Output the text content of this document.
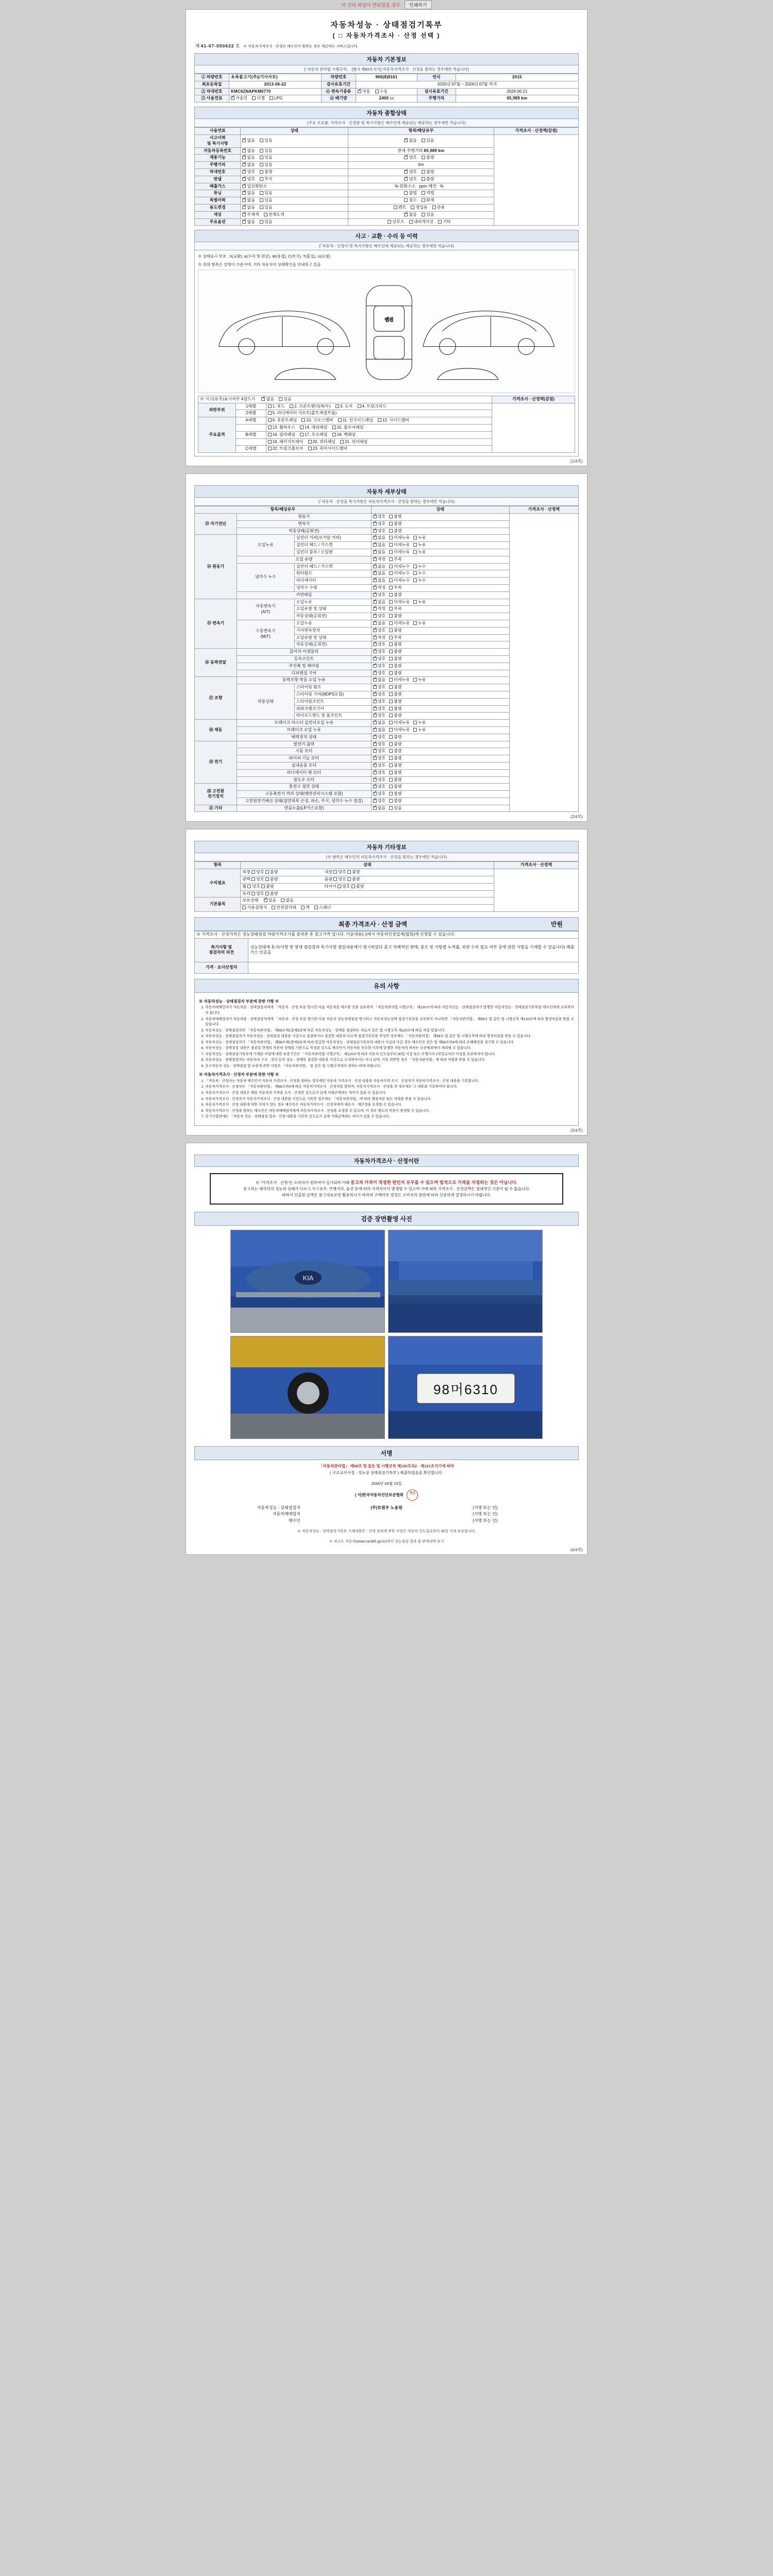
이 건의 파일이 안되었을 경우	인쇄하기
(1/4쪽)
자동차성능 · 상태점검기록부
( □ 자동차가격조사 · 산정 선택 )
제 41-07-050622 호 ※ 자동차가격조사 · 산정은 매수인이 원하는 경우 제공하는 서비스입니다.
자동차 기본정보
(「자동차 관리법 시행규칙」 [별지 제82호서식] 자동차가격조사 · 산정을 원하는 경우에만 적습니다)
① 차량번호	초록물고기(주)(기사사모)	차량번호	966(8)8161	연식	2015
최초등록일	2013-06-22	검사유효기간	2025년 07월 ~ 2026년 07월 까지		
③ 차대번호	KMC6ZNAPKM0770	④ 변속기종류	✓자동 수동	검사유효기간	2026.06.21
⑤ 사용연료	✓가솔린 디젤 LPG	⑥ 배기량	2400 cc	주행거리	65,989 km
자동차 종합상태
(주요 조요품, 가격조사 · 산정한 및 복기사항은 매수인에 제공되는 제공하는 경우에만 적습니다)
사용연료	상태	항목/해당유무	가격조사 · 산정액(감점)
사고이력
및 특기사항	✓없음 있음	✓없음 있음	
자동차등록번호	✓없음 있음	현재 주행거리 65,989 km	
계통기능	✓없음 있음	✓양호 불량
주행거리	✓없음 있음	km	
차대번호	✓양호 불량	✓양호 불량
판넬	✓양호 부식	✓양호 불량
배출가스	✓일산화탄소	% 탄화수소 ppm 매연 %	
튜닝	✓없음 있음	불법 적법	
특별이력	✓없음 있음	침수 화재	
용도변경	✓없음 있음	렌트 영업용 관용	
색상	✓무채색 전체도색	✓없음 있음
주요옵션	✓없음 있음	선루프 내비게이션 기타	
사고 · 교환 · 수리 등 이력
(「자동차 · 산정이 및 특기사항은 매수인에 제공되는 제공하는 경우에만 적습니다)
※ 상태표시 부호 : X(교환), A(수리 및 판금), W(용접), C(부식), T(흠집), U(요철)
※ 위의 항목은 설명이 기준이며, 기타 자동차의 상태확인을 안내하고 있음
엔진
※ 사고(유무)표시여부 4점드시 ✓ 없음 있음			가격조사 · 산정액(감점)
외판부위	1레벨	1. 후드 2. 프론트펜더(좌/우) 3. 도어 4. 트렁크리드	
	2레벨	5. 라디에이터 서포트(볼트체결부품)	
주요골격	A레벨	9. 후론트패널 10. 크로스멤버 11. 인사이드패널 12. 사이드멤버	
		13. 휠하우스 14. 대쉬패널 15. 플로어패널	
	B레벨	16. 필라패널 17. 루프패널 18. 백패널	
		19. 패키지트레이 20. 쿼터패널 21. 리어패널	
	C레벨	22. 트렁크플로어 23. 리어사이드멤버	
(2/4쪽)
자동차 세부상태
(「자동차 · 산정을 특기사항은 자동차가격조사 · 산정을 원하는 경우에만 적습니다)
항목/해당유무			상태	가격조사 · 산정액
⑬ 자기진단	원동기	✓양호 불량	
	변속기	✓양호 불량
	작동상태(공회전)	✓양호 불량
⑭ 원동기	오일누유	실린더 커버(로커암 커버)	✓없음 미세누유 누유
		실린더 헤드 / 가스켓	✓없음 미세누유 누유
		실린더 블록 / 오일팬	✓없음 미세누유 누유
	오일 유량	✓적정 부족
	냉각수 누수	실린더 헤드 / 가스켓	✓없음 미세누수 누수
		워터펌프	✓없음 미세누수 누수
		라디에이터	✓없음 미세누수 누수
		냉각수 수량	✓적정 부족
	커먼레일	✓양호 불량
⑮ 변속기	자동변속기
(A/T)	오일누유	✓없음 미세누유 누유
		오일유량 및 상태	✓적정 부족
		작동상태(공회전)	✓양호 불량
	수동변속기
(M/T)	오일누유	✓없음 미세누유 누유
		기어변속장치	✓양호 불량
		오일유량 및 상태	✓적정 부족
		작동상태(공회전)	✓양호 불량
⑯ 동력전달	클러치 어셈블리	✓양호 불량
	등속조인트	✓양호 불량
	추진축 및 베어링	✓양호 불량
	디퍼렌셜 기어	✓양호 불량
⑰ 조향	동력조향 작동 오일 누유	✓없음 미세누유 누유
	작동상태	스티어링 펌프	✓양호 불량
		스티어링 기어(MDPS포함)	✓양호 불량
		스티어링조인트	✓양호 불량
		파워크랭크기어	✓양호 불량
		타이로드엔드 및 볼조인트	✓양호 불량
⑱ 제동	브레이크 마스터 실린더오일 누유	✓없음 미세누유 누유
	브레이크 오일 누유	✓없음 미세누유 누유
	배력장치 상태	✓양호 불량
⑲ 전기	발전기 출력	✓양호 불량
	시동 모터	✓양호 불량
	와이퍼 기능 모터	✓양호 불량
	실내송풍 모터	✓양호 불량
	라디에이터 팬 모터	✓양호 불량
	윈도우 모터	✓양호 불량
⑳ 고전원
전기장치	충전구 절연 상태	✓양호 불량
	구동축전지 격리 상태(매연관리시스템 포함)	✓양호 불량
	고전원전기배선 상태(접연피복 손상, 파손, 부식, 냉각수 누수 점검)	✓양호 불량
㉑ 기타	연료누출(LP가스포함)	✓없음 있음
(3/4쪽)
자동차 기타정보
(※ 항목은 매수인의 자동차가격조사 · 산정을 원하는 경우에만 적습니다)
항목	상태	가격조사 · 산정액
수리필요	외장 양호 불량 내장 양호 불량	
	광택 양호 불량 룸광 양호 불량	
	휠 양호 불량 타이어 양호 불량	
	유리 양호 불량	
기본품목	보유상태 ✓ 있음 없음
	사용설명서 안전삼각대 잭 스패너	
최종 가격조사 · 산정 금액	만원
※ 가격조사 · 산정가격은 성능상태점검 차량가격조사를 살펴본 후 참고가격 입니다. 기술내용(□)에서 자동차인정업체(협회)에 신청할 수 있습니다.	
특기사항 및
점검자의 의견	성능상태에 통지/사항 및 명세 점검결과 특기사항 점검내용에서 명시되었다 중고 차례적인 판매, 중조 및 사항별 누적률, 외관 수리 필요 여부 등에 관한 사항을 기재할 수 있습니다) 배출가스 인증을
가격 · 조사산정자	
유의 사항
※ 자동차성능 · 상태점검자 부분에 관한 사항 ※
1. 자동차매매업자가 자동차를 · 상태점검자에게 「자동차 · 산정 부분 명시한 다음 자동차를 매수할 것을 권유하여 「자동차관리법 시행규칙」 제120조에 따라 자동차성능 · 상태점검자가 발행한 자동차성능 · 상태점검기록부를 매수인에게 교부하여야 합니다.
2. 자동차매매업자가 자동차를 · 상태점검자에게 「자동차 · 산정 부분 명시한 다음 자동차 성능상태점검 명시하고 자동차성능상태 점검기록부를 교부하지 아니하면 「자동차관리법」 제58조 및 같은 법 시행규칙 제120조에 따라 행정처분을 받을 수 있습니다.
3. 자동차성능 · 상태점검자란 「자동차관리법」 제58조제1항제3호에 따른 자동차성능 · 상태를 점검하는 자로서 같은 법 시행규칙 제120조에 따른 자를 말합니다.
4. 자동차성능 · 상태점검자가 자동차성능 · 상태점검 내용을 거짓으로 점검하거나 점검한 내용과 다르게 점검기록부를 작성한 경우에는 「자동차관리법」 제58조 및 같은 법 시행규칙에 따라 행정처분을 받을 수 있습니다.
5. 자동차성능 · 상태점검자가 「자동차관리법」 제58조제1항제3호에 따라 발급한 자동차성능 · 상태점검기록부의 내용이 사실과 다른 경우 매수인은 같은 법 제58조의4에 따라 손해배상을 청구할 수 있습니다.
6. 자동차성능 · 상태점검 내용은 점검일 현재의 자동차 상태를 기준으로 작성된 것으로 매수인이 자동차를 인수한 이후에 발생한 자동차의 하자는 보증범위에서 제외될 수 있습니다.
7. 자동차성능 · 상태점검기록부에 기재된 사항에 대한 보증기간은 「자동차관리법 시행규칙」 제120조에 따라 자동차 인도일부터 30일 이상 또는 주행거리 2천킬로미터 이상을 보증하여야 합니다.
8. 자동차성능 · 상태점검자는 자동차의 구조 · 장치 등의 성능 · 상태를 점검한 내용을 거짓으로 고지하여서는 아니 되며, 이를 위반한 경우 「자동차관리법」에 따라 처벌을 받을 수 있습니다.
9. 중고자동차 성능 · 상태점검 및 보증에 관한 사항은 「자동차관리법」 및 같은 법 시행규칙에서 정하는 바에 따릅니다.
※ 자동차가격조사 · 산정자 부분에 관한 사항 ※
1. 「자동차 · 산정자는 자동차 매수인이 자동차 가격조사 · 산정을 원하는 경우에만 자동차 가격조사 · 산정 내용을 자동차가격 조사 · 산정자가 자동차가격조사 · 산정 내용을 기록합니다.
2. 자동차가격조사 · 산정자는 「자동차관리법」 제58조의4에 따른 자동차가격조사 · 산정자를 말하며, 자동차가격조사 · 산정을 한 경우에는 그 내용을 기록하여야 합니다.
3. 자동차가격조사 · 산정 내용은 해당 자동차의 가격을 조사 · 산정한 것으로서 실제 거래금액과는 차이가 있을 수 있습니다.
4. 자동차가격조사 · 산정자가 자동차가격조사 · 산정 내용을 거짓으로 기록한 경우에는 「자동차관리법」에 따라 행정처분 또는 처벌을 받을 수 있습니다.
5. 자동차가격조사 · 산정 내용에 대한 이의가 있는 경우 매수인은 자동차가격조사 · 산정자에게 재조사 · 재산정을 요청할 수 있습니다.
6. 자동차가격조사 · 산정을 원하는 매수인은 자동차매매업자에게 자동차가격조사 · 산정을 요청할 수 있으며, 이 경우 별도의 비용이 발생할 수 있습니다.
7. 특기사항란에는 「자동차 성능 · 상태점검 결과 · 산정 내용을 기록한 것으로서 실제 거래금액과는 차이가 있을 수 있습니다.
(4/4쪽)
자동차가격조사 · 산정이란
※ "가격조사 · 산정"은 소비자가 원하여야 실시되며 이때 중고차 가격이 적정한 편인지 유무를 수 있으며 법적으로 가격을 지정하는 것은 아닙니다.
중고차는 제각각의 성능과 상태가 다르고 사고유무, 주행거리, 옵션 등에 따라 가격차이가 발생할 수 있으며 이에 따라 가격조사 · 산정금액은 절대적인 기준이 될 수 없습니다.
따라서 산출된 금액은 참고자료로만 활용하시기 바라며 구매여부 결정은 소비자의 판단에 따라 신중하게 결정하시기 바랍니다.
검증 장면촬영 사진
KIA
98머6310
서명
「자동차관리법」 제58조 및 같은 법 시행규칙 제120조의2 · 제121조기기에 따라
( 구조교사사정 · 성능상 상태점검기록부 ) 제출하였음을 확인합니다.
2026년 03월 10일
[ 서]한국자동차진단보증협회 직인
자동차성능 · 상태점검자	(주)토원우 노용원	(서명 또는 인)
자동차매매업자		(서명 또는 인)
매수인		(서명 또는 인)
※ 자동차성능 · 상태점검기록부 기재내용은 · 산정 결과에 관한 사항은 자동차 인도일로부터 30일 이내 보증합니다.
※ 차고도 자동차(www.car365.go.kr)에서 성능점검 결과 및 판매내역 보기
